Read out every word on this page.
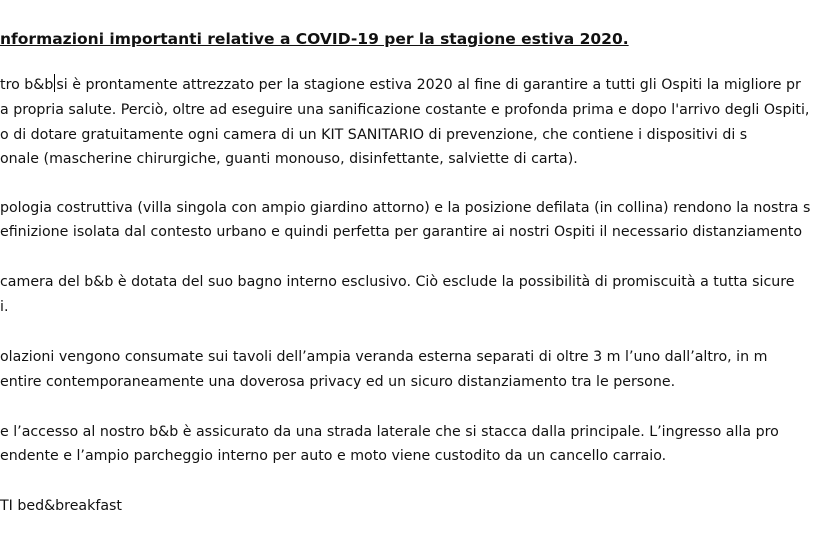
nformazioni importanti relative a COVID-19 per la stagione estiva 2020.
tro b&b si è prontamente attrezzato per la stagione estiva 2020 al fine di garantire a tutti gli Ospiti la migliore pr
a propria salute. Perciò, oltre ad eseguire una sanificazione costante e profonda prima e dopo l'arrivo degli Ospiti,
o di dotare gratuitamente ogni camera di un KIT SANITARIO di prevenzione, che contiene i dispositivi di s
onale (mascherine chirurgiche, guanti monouso, disinfettante, salviette di carta).
pologia costruttiva (villa singola con ampio giardino attorno) e la posizione defilata (in collina) rendono la nostra s
efinizione isolata dal contesto urbano e quindi perfetta per garantire ai nostri Ospiti il necessario distanziamento
camera del b&b è dotata del suo bagno interno esclusivo. Ciò esclude la possibilità di promiscuità a tutta sicure
i.
olazioni vengono consumate sui tavoli dell’ampia veranda esterna separati di oltre 3 m l’uno dall’altro, in m
entire contemporaneamente una doverosa privacy ed un sicuro distanziamento tra le persone.
e l’accesso al nostro b&b è assicurato da una strada laterale che si stacca dalla principale. L’ingresso alla pro
endente e l’ampio parcheggio interno per auto e moto viene custodito da un cancello carraio.
TI bed&breakfast
